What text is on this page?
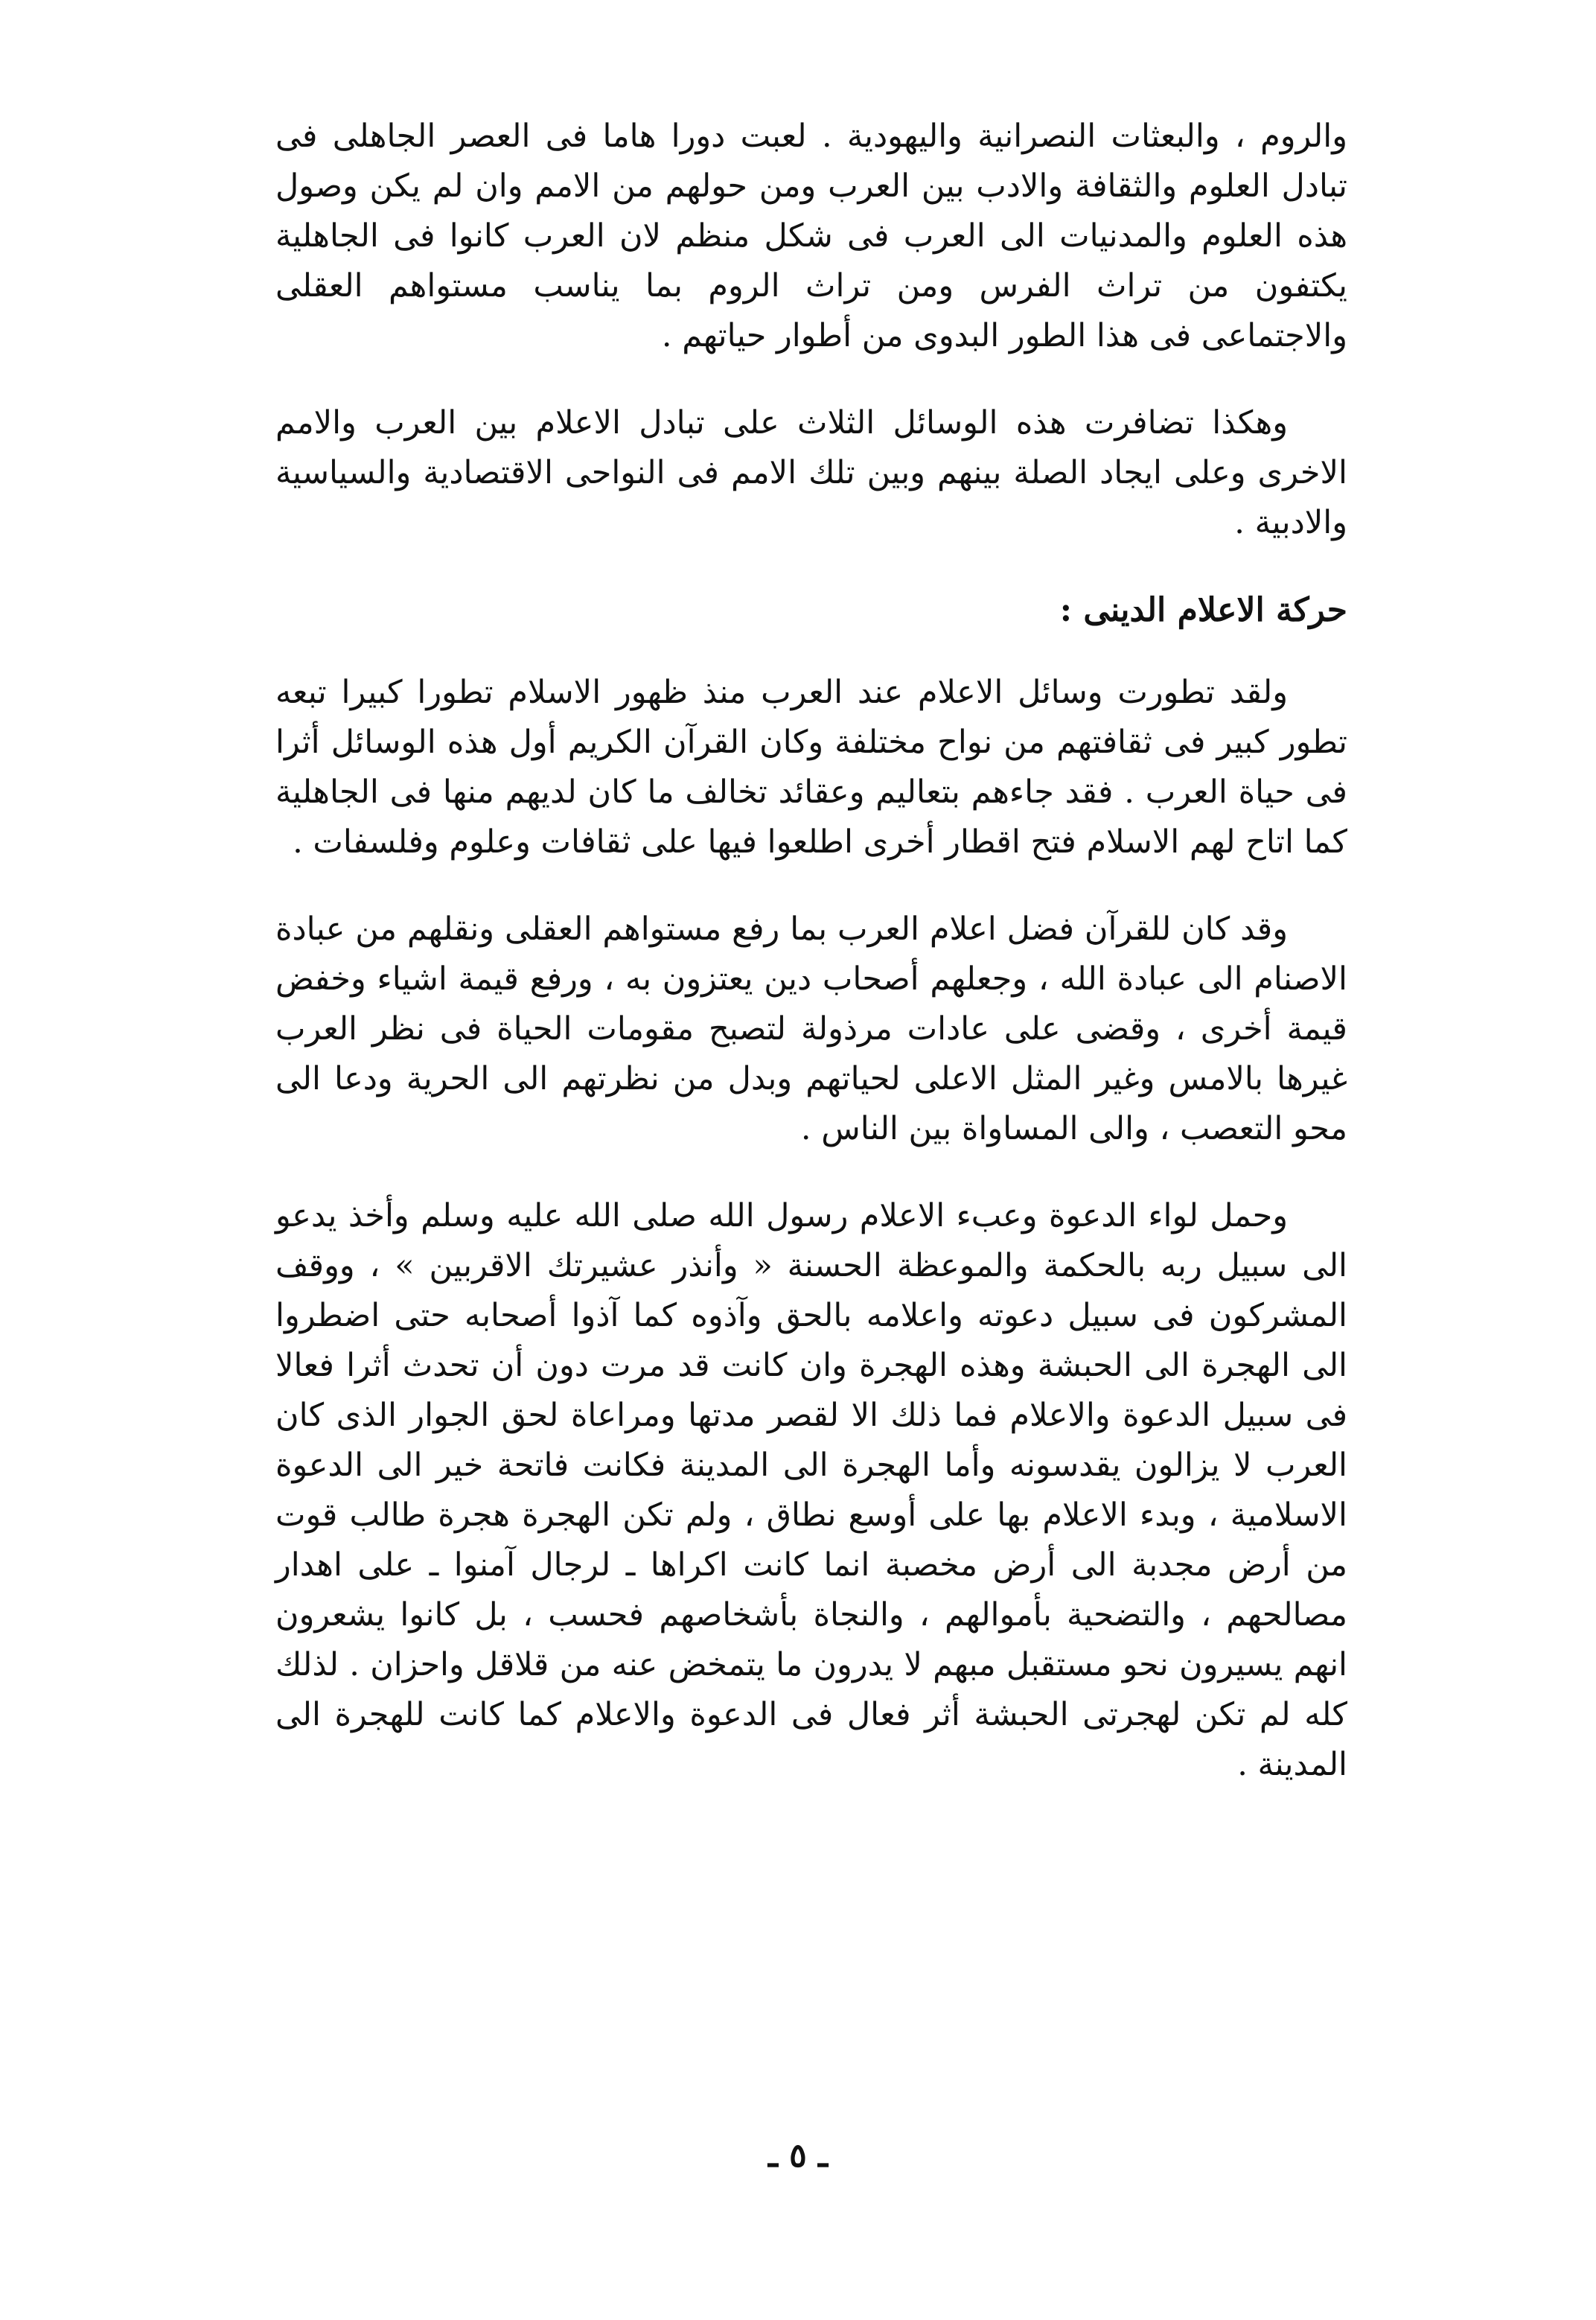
والروم ، والبعثات النصرانية واليهودية . لعبت دورا هاما فى العصر الجاهلى فى تبادل العلوم والثقافة والادب بين العرب ومن حولهم من الامم وان لم يكن وصول هذه العلوم والمدنيات الى العرب فى شكل منظم لان العرب كانوا فى الجاهلية يكتفون من تراث الفرس ومن تراث الروم بما يناسب مستواهم العقلى والاجتماعى فى هذا الطور البدوى من أطوار حياتهم .

وهكذا تضافرت هذه الوسائل الثلاث على تبادل الاعلام بين العرب والامم الاخرى وعلى ايجاد الصلة بينهم وبين تلك الامم فى النواحى الاقتصادية والسياسية والادبية .

حركة الاعلام الدينى :

ولقد تطورت وسائل الاعلام عند العرب منذ ظهور الاسلام تطورا كبيرا تبعه تطور كبير فى ثقافتهم من نواح مختلفة وكان القرآن الكريم أول هذه الوسائل أثرا فى حياة العرب . فقد جاءهم بتعاليم وعقائد تخالف ما كان لديهم منها فى الجاهلية كما اتاح لهم الاسلام فتح اقطار أخرى اطلعوا فيها على ثقافات وعلوم وفلسفات .

وقد كان للقرآن فضل اعلام العرب بما رفع مستواهم العقلى ونقلهم من عبادة الاصنام الى عبادة الله ، وجعلهم أصحاب دين يعتزون به ، ورفع قيمة اشياء وخفض قيمة أخرى ، وقضى على عادات مرذولة لتصبح مقومات الحياة فى نظر العرب غيرها بالامس وغير المثل الاعلى لحياتهم وبدل من نظرتهم الى الحرية ودعا الى محو التعصب ، والى المساواة بين الناس .

وحمل لواء الدعوة وعبء الاعلام رسول الله صلى الله عليه وسلم وأخذ يدعو الى سبيل ربه بالحكمة والموعظة الحسنة « وأنذر عشيرتك الاقربين » ، ووقف المشركون فى سبيل دعوته واعلامه بالحق وآذوه كما آذوا أصحابه حتى اضطروا الى الهجرة الى الحبشة وهذه الهجرة وان كانت قد مرت دون أن تحدث أثرا فعالا فى سبيل الدعوة والاعلام فما ذلك الا لقصر مدتها ومراعاة لحق الجوار الذى كان العرب لا يزالون يقدسونه وأما الهجرة الى المدينة فكانت فاتحة خير الى الدعوة الاسلامية ، وبدء الاعلام بها على أوسع نطاق ، ولم تكن الهجرة هجرة طالب قوت من أرض مجدبة الى أرض مخصبة انما كانت اكراها ـ لرجال آمنوا ـ على اهدار مصالحهم ، والتضحية بأموالهم ، والنجاة بأشخاصهم فحسب ، بل كانوا يشعرون انهم يسيرون نحو مستقبل مبهم لا يدرون ما يتمخض عنه من قلاقل واحزان . لذلك كله لم تكن لهجرتى الحبشة أثر فعال فى الدعوة والاعلام كما كانت للهجرة الى المدينة .

ـ ٥ ـ
